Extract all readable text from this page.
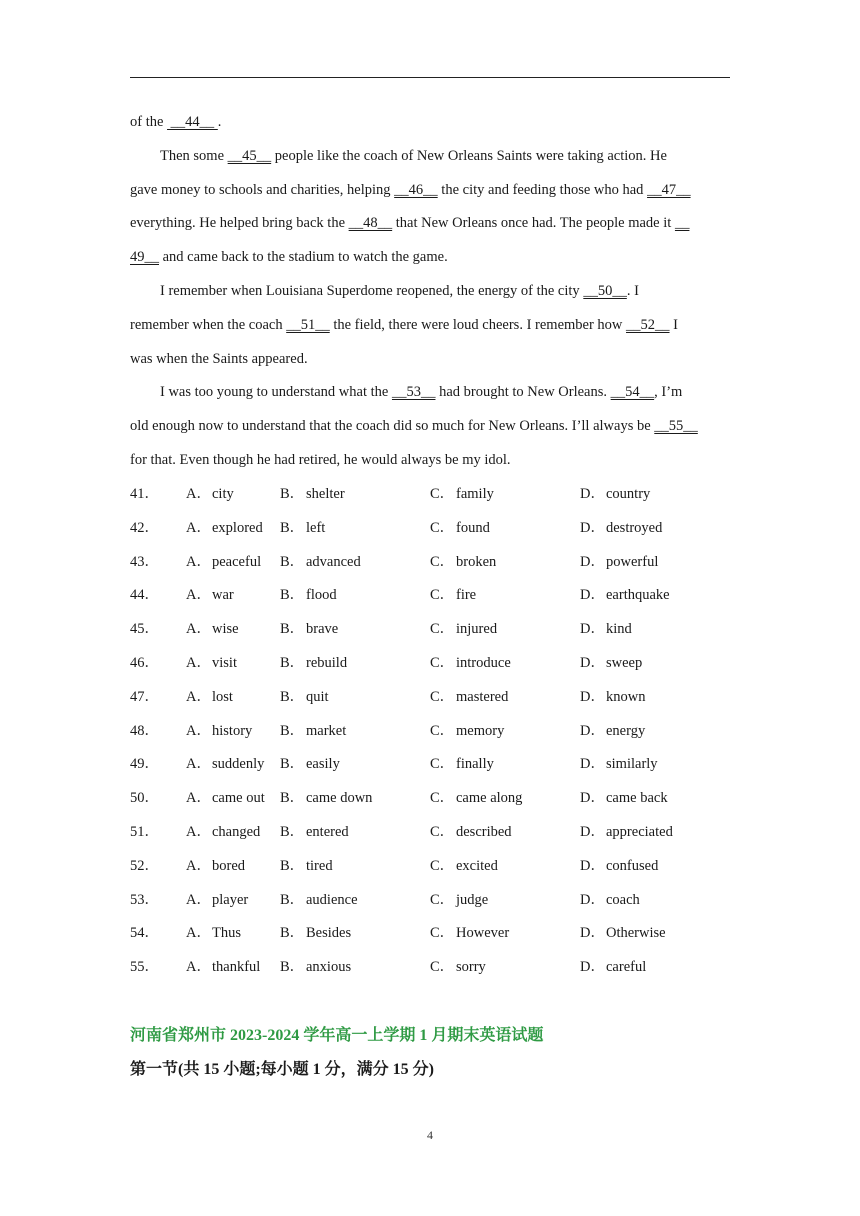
of the  __44__ .
Then some __45__ people like the coach of New Orleans Saints were taking action. He
gave money to schools and charities, helping __46__ the city and feeding those who had __47__
everything. He helped bring back the __48__ that New Orleans once had. The people made it __
49__ and came back to the stadium to watch the game.
I remember when Louisiana Superdome reopened, the energy of the city __50__. I
remember when the coach __51__ the field, there were loud cheers. I remember how __52__ I
was when the Saints appeared.
I was too young to understand what the __53__ had brought to New Orleans. __54__, I’m
old enough now to understand that the coach did so much for New Orleans. I’ll always be __55__
for that. Even though he had retired, he would always be my idol.
41． A．city	B． shelter	C． family	D．country
42． A．explored B． left	C． found	D．destroyed
43． A．peaceful B． advanced	C． broken	D．powerful
44． A．war	B． flood	C． fire	D．earthquake
45． A．wise	B． brave	C． injured	D．kind
46． A．visit	B． rebuild	C． introduce	D．sweep
47． A．lost	B． quit	C． mastered	D．known
48． A．history B． market	C． memory	D．energy
49． A．suddenly B． easily	C． finally	D．similarly
50． A．came out B． came down	C． came along	D．came back
51． A．changed B． entered	C． described	D．appreciated
52． A．bored B． tired	C． excited	D．confused
53． A．player B． audience	C． judge	D．coach
54． A．Thus	B． Besides	C． However	D．Otherwise
55． A．thankful B． anxious	C． sorry	D．careful
河南省郑州市 2023-2024 学年高一上学期 1 月期末英语试题
第一节(共 15 小题;每小题 1 分，满分 15 分)
4
